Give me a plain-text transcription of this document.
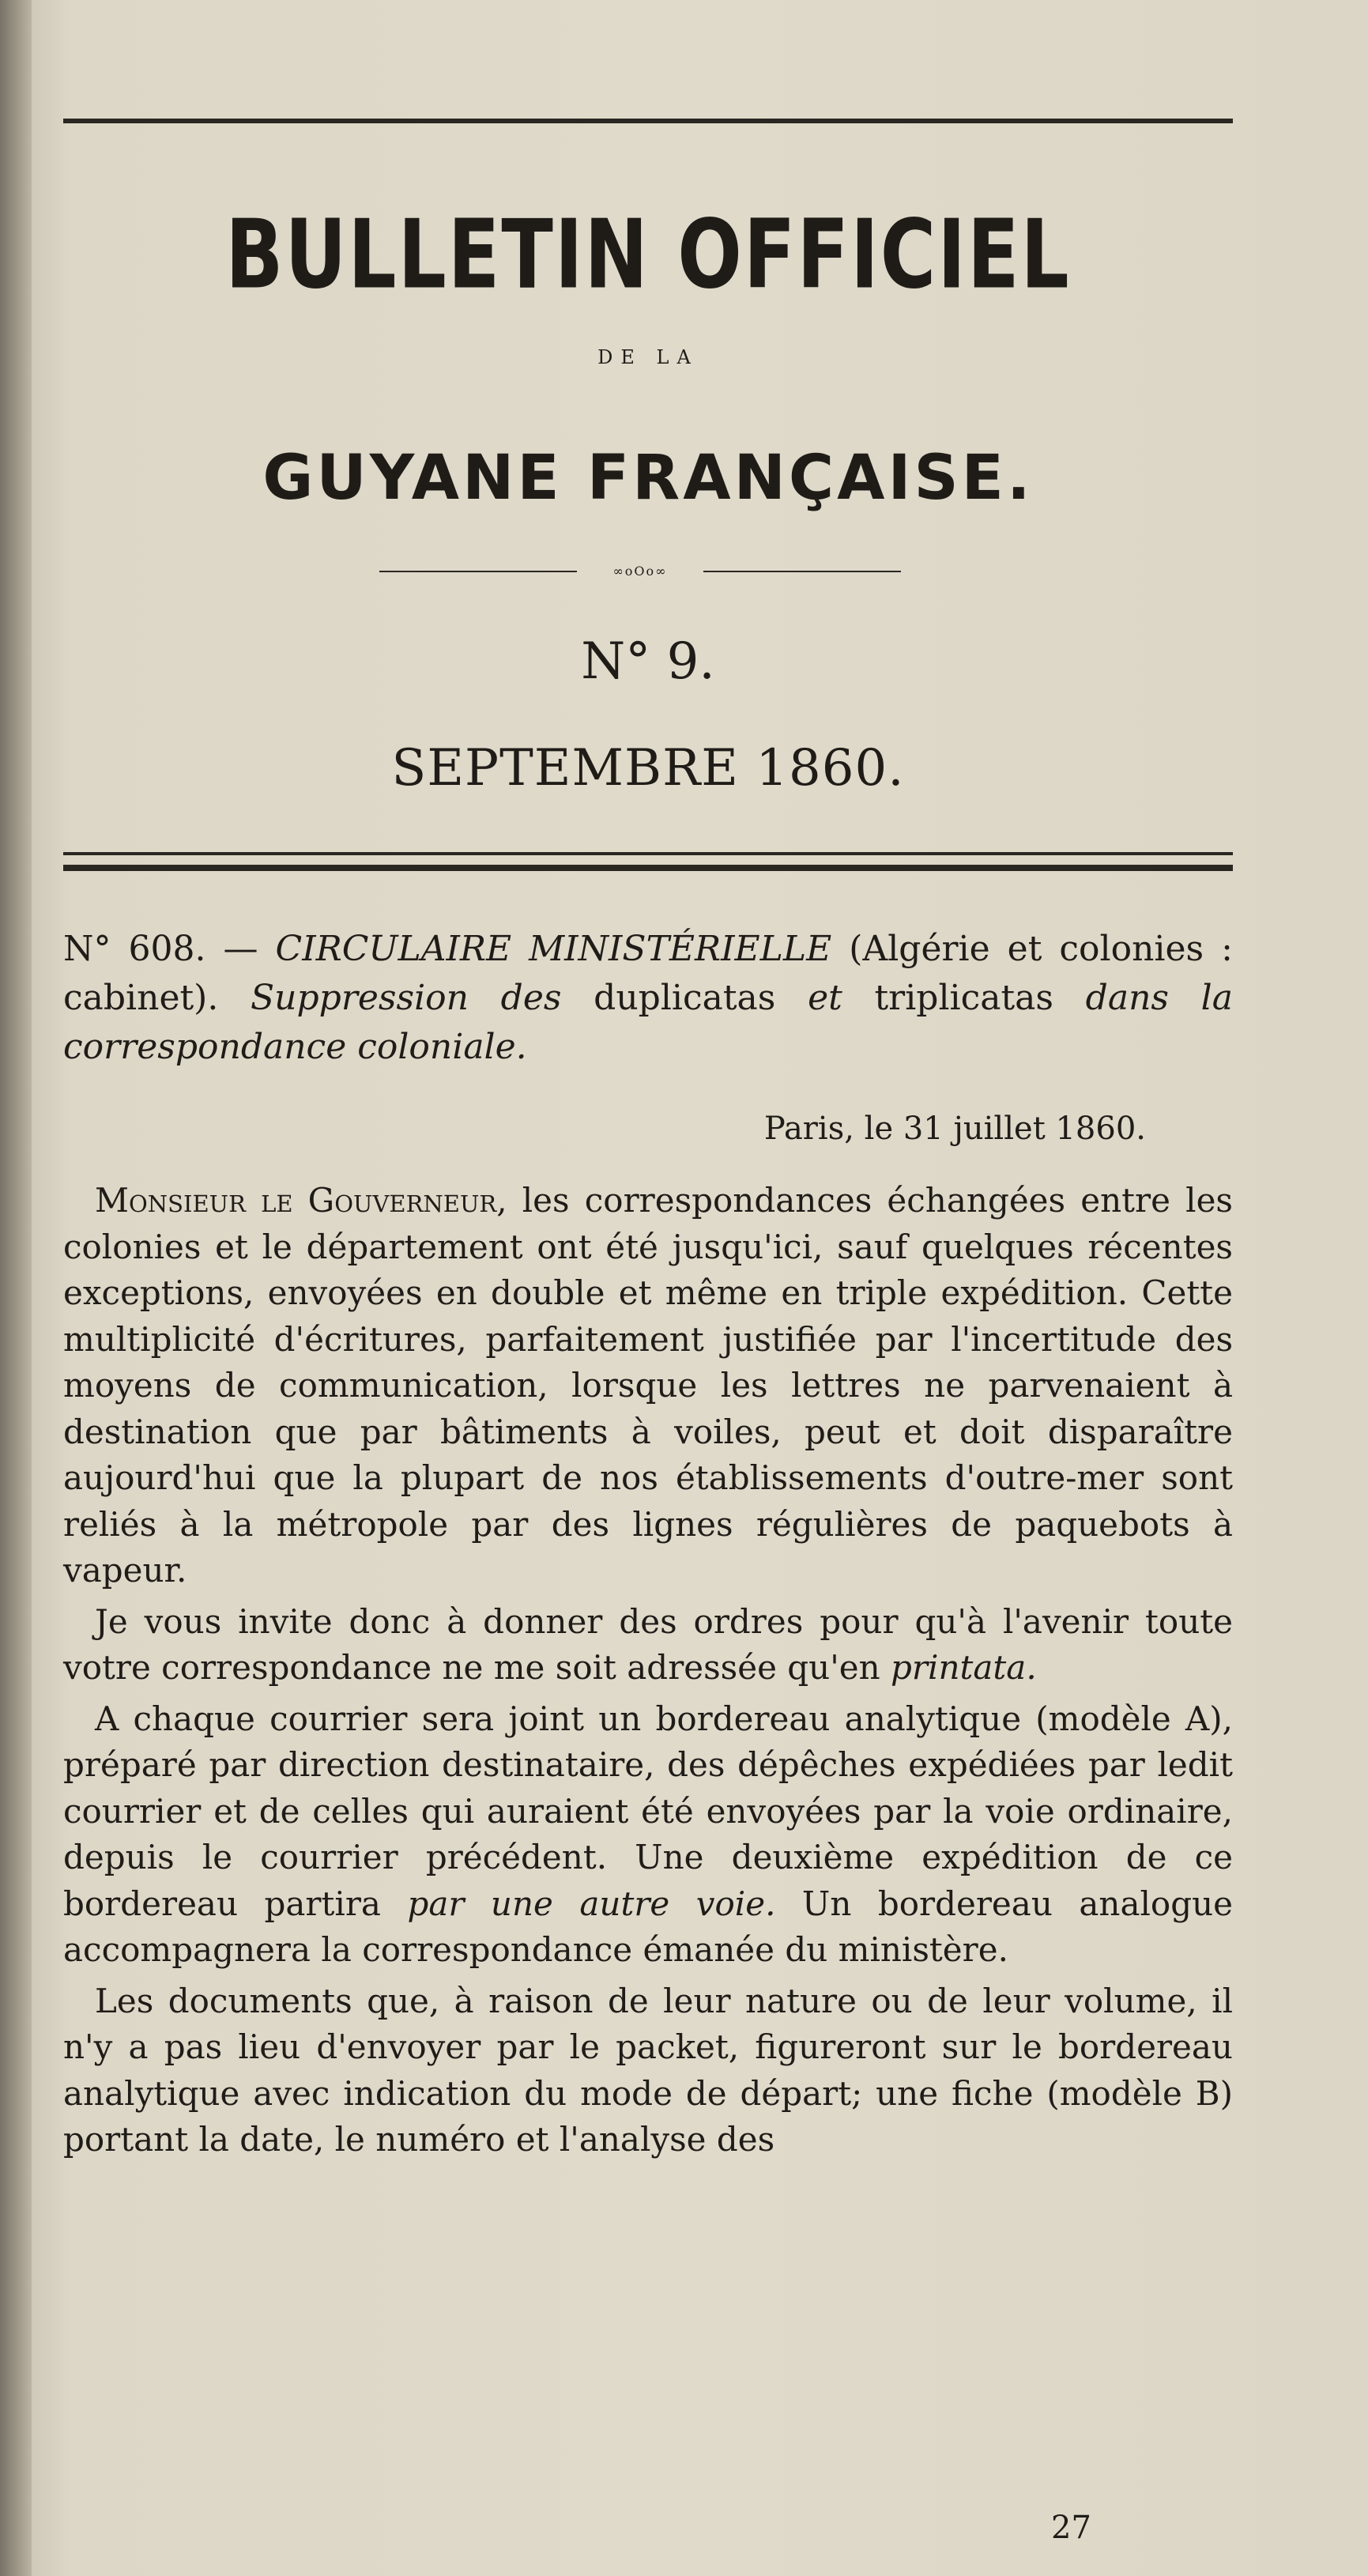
BULLETIN OFFICIEL
DE LA
GUYANE FRANÇAISE.
∞oOo∞
N° 9.
SEPTEMBRE 1860.
N° 608. — CIRCULAIRE MINISTÉRIELLE (Algérie et colonies : cabinet). Suppression des duplicatas et triplicatas dans la correspondance coloniale.
Paris, le 31 juillet 1860.

Monsieur le Gouverneur, les correspondances échangées entre les colonies et le département ont été jusqu'ici, sauf quelques récentes exceptions, envoyées en double et même en triple expédition. Cette multiplicité d'écritures, parfaitement justifiée par l'incertitude des moyens de communication, lorsque les lettres ne parvenaient à destination que par bâtiments à voiles, peut et doit disparaître aujourd'hui que la plupart de nos établissements d'outre-mer sont reliés à la métropole par des lignes régulières de paquebots à vapeur.

Je vous invite donc à donner des ordres pour qu'à l'avenir toute votre correspondance ne me soit adressée qu'en printata.

A chaque courrier sera joint un bordereau analytique (modèle A), préparé par direction destinataire, des dépêches expédiées par ledit courrier et de celles qui auraient été envoyées par la voie ordinaire, depuis le courrier précédent. Une deuxième expédition de ce bordereau partira par une autre voie. Un bordereau analogue accompagnera la correspondance émanée du ministère.

Les documents que, à raison de leur nature ou de leur volume, il n'y a pas lieu d'envoyer par le packet, figureront sur le bordereau analytique avec indication du mode de départ; une fiche (modèle B) portant la date, le numéro et l'analyse des

27
